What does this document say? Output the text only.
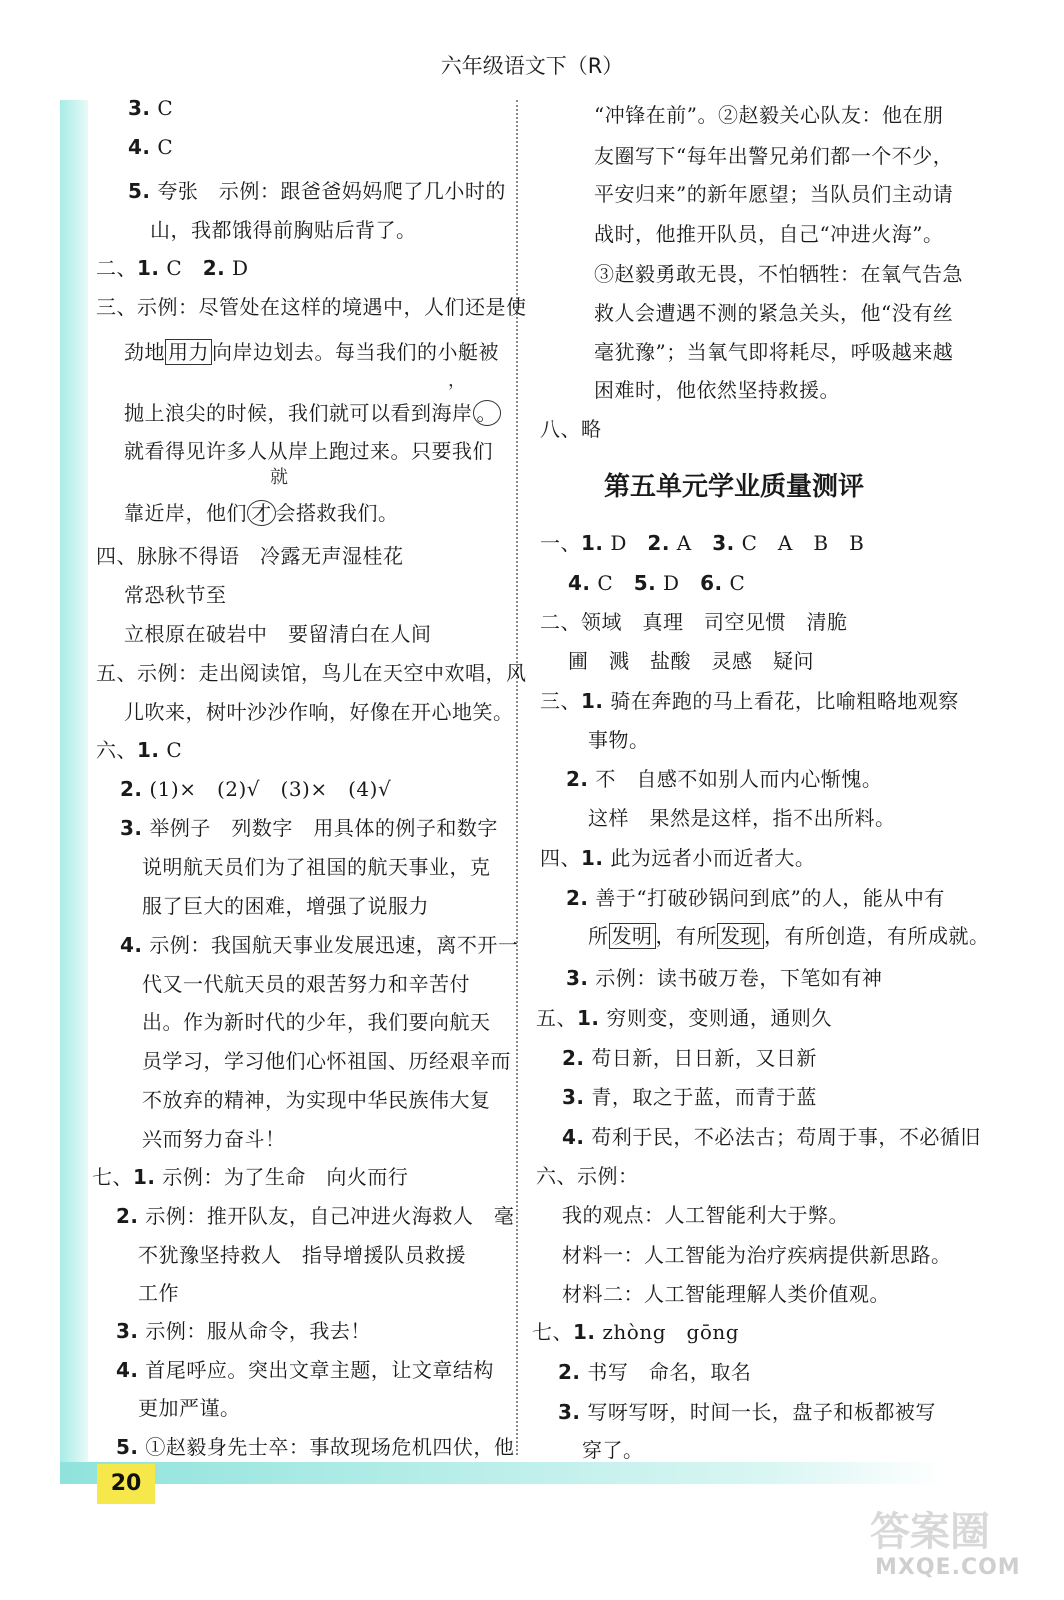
六年级语文下（R）
3. C
4. C
5. 夸张　示例：跟爸爸妈妈爬了几小时的
山，我都饿得前胸贴后背了。
二、1. C　2. D
三、示例：尽管处在这样的境遇中，人们还是使
劲地 用力 向岸边划去。每当我们的小艇被
抛上浪尖的时候，我们就可以看到海岸 。
就看得见许多人从岸上跑过来。只要我们
靠近岸，他们 才 会搭救我们。
四、脉脉不得语　冷露无声湿桂花
常恐秋节至
立根原在破岩中　要留清白在人间
五、示例：走出阅读馆，鸟儿在天空中欢唱，风
儿吹来，树叶沙沙作响，好像在开心地笑。
六、1. C
2. (1)×　(2)√　(3)×　(4)√
3. 举例子　列数字　用具体的例子和数字
说明航天员们为了祖国的航天事业，克
服了巨大的困难，增强了说服力
4. 示例：我国航天事业发展迅速，离不开一
代又一代航天员的艰苦努力和辛苦付
出。作为新时代的少年，我们要向航天
员学习，学习他们心怀祖国、历经艰辛而
不放弃的精神，为实现中华民族伟大复
兴而努力奋斗！
七、1. 示例：为了生命　向火而行
2. 示例：推开队友，自己冲进火海救人　毫
不犹豫坚持救人　指导增援队员救援
工作
3. 示例：服从命令，我去！
4. 首尾呼应。突出文章主题，让文章结构
更加严谨。
5. ①赵毅身先士卒：事故现场危机四伏，他
“冲锋在前”。②赵毅关心队友：他在朋
友圈写下“每年出警兄弟们都一个不少，
平安归来”的新年愿望；当队员们主动请
战时，他推开队员，自己“冲进火海”。
③赵毅勇敢无畏，不怕牺牲：在氧气告急
救人会遭遇不测的紧急关头，他“没有丝
毫犹豫”；当氧气即将耗尽，呼吸越来越
困难时，他依然坚持救援。
八、略
一、1. D　2. A　3. C　A　B　B
4. C　5. D　6. C
二、领域　真理　司空见惯　清脆
圃　溅　盐酸　灵感　疑问
三、1. 骑在奔跑的马上看花，比喻粗略地观察
事物。
2. 不　自感不如别人而内心惭愧。
这样　果然是这样，指不出所料。
四、1. 此为远者小而近者大。
2. 善于“打破砂锅问到底”的人，能从中有
所 发明 ，有所 发现 ，有所创造，有所成就。
3. 示例：读书破万卷，下笔如有神
五、1. 穷则变，变则通，通则久
2. 苟日新，日日新，又日新
3. 青，取之于蓝，而青于蓝
4. 苟利于民，不必法古；苟周于事，不必循旧
六、示例：
我的观点：人工智能利大于弊。
材料一：人工智能为治疗疾病提供新思路。
材料二：人工智能理解人类价值观。
七、1. zhòng　gōng
2. 书写　命名，取名
3. 写呀写呀，时间一长，盘子和板都被写
穿了。
第五单元学业质量测评
，
就
20
答案圈
MXQE.COM
